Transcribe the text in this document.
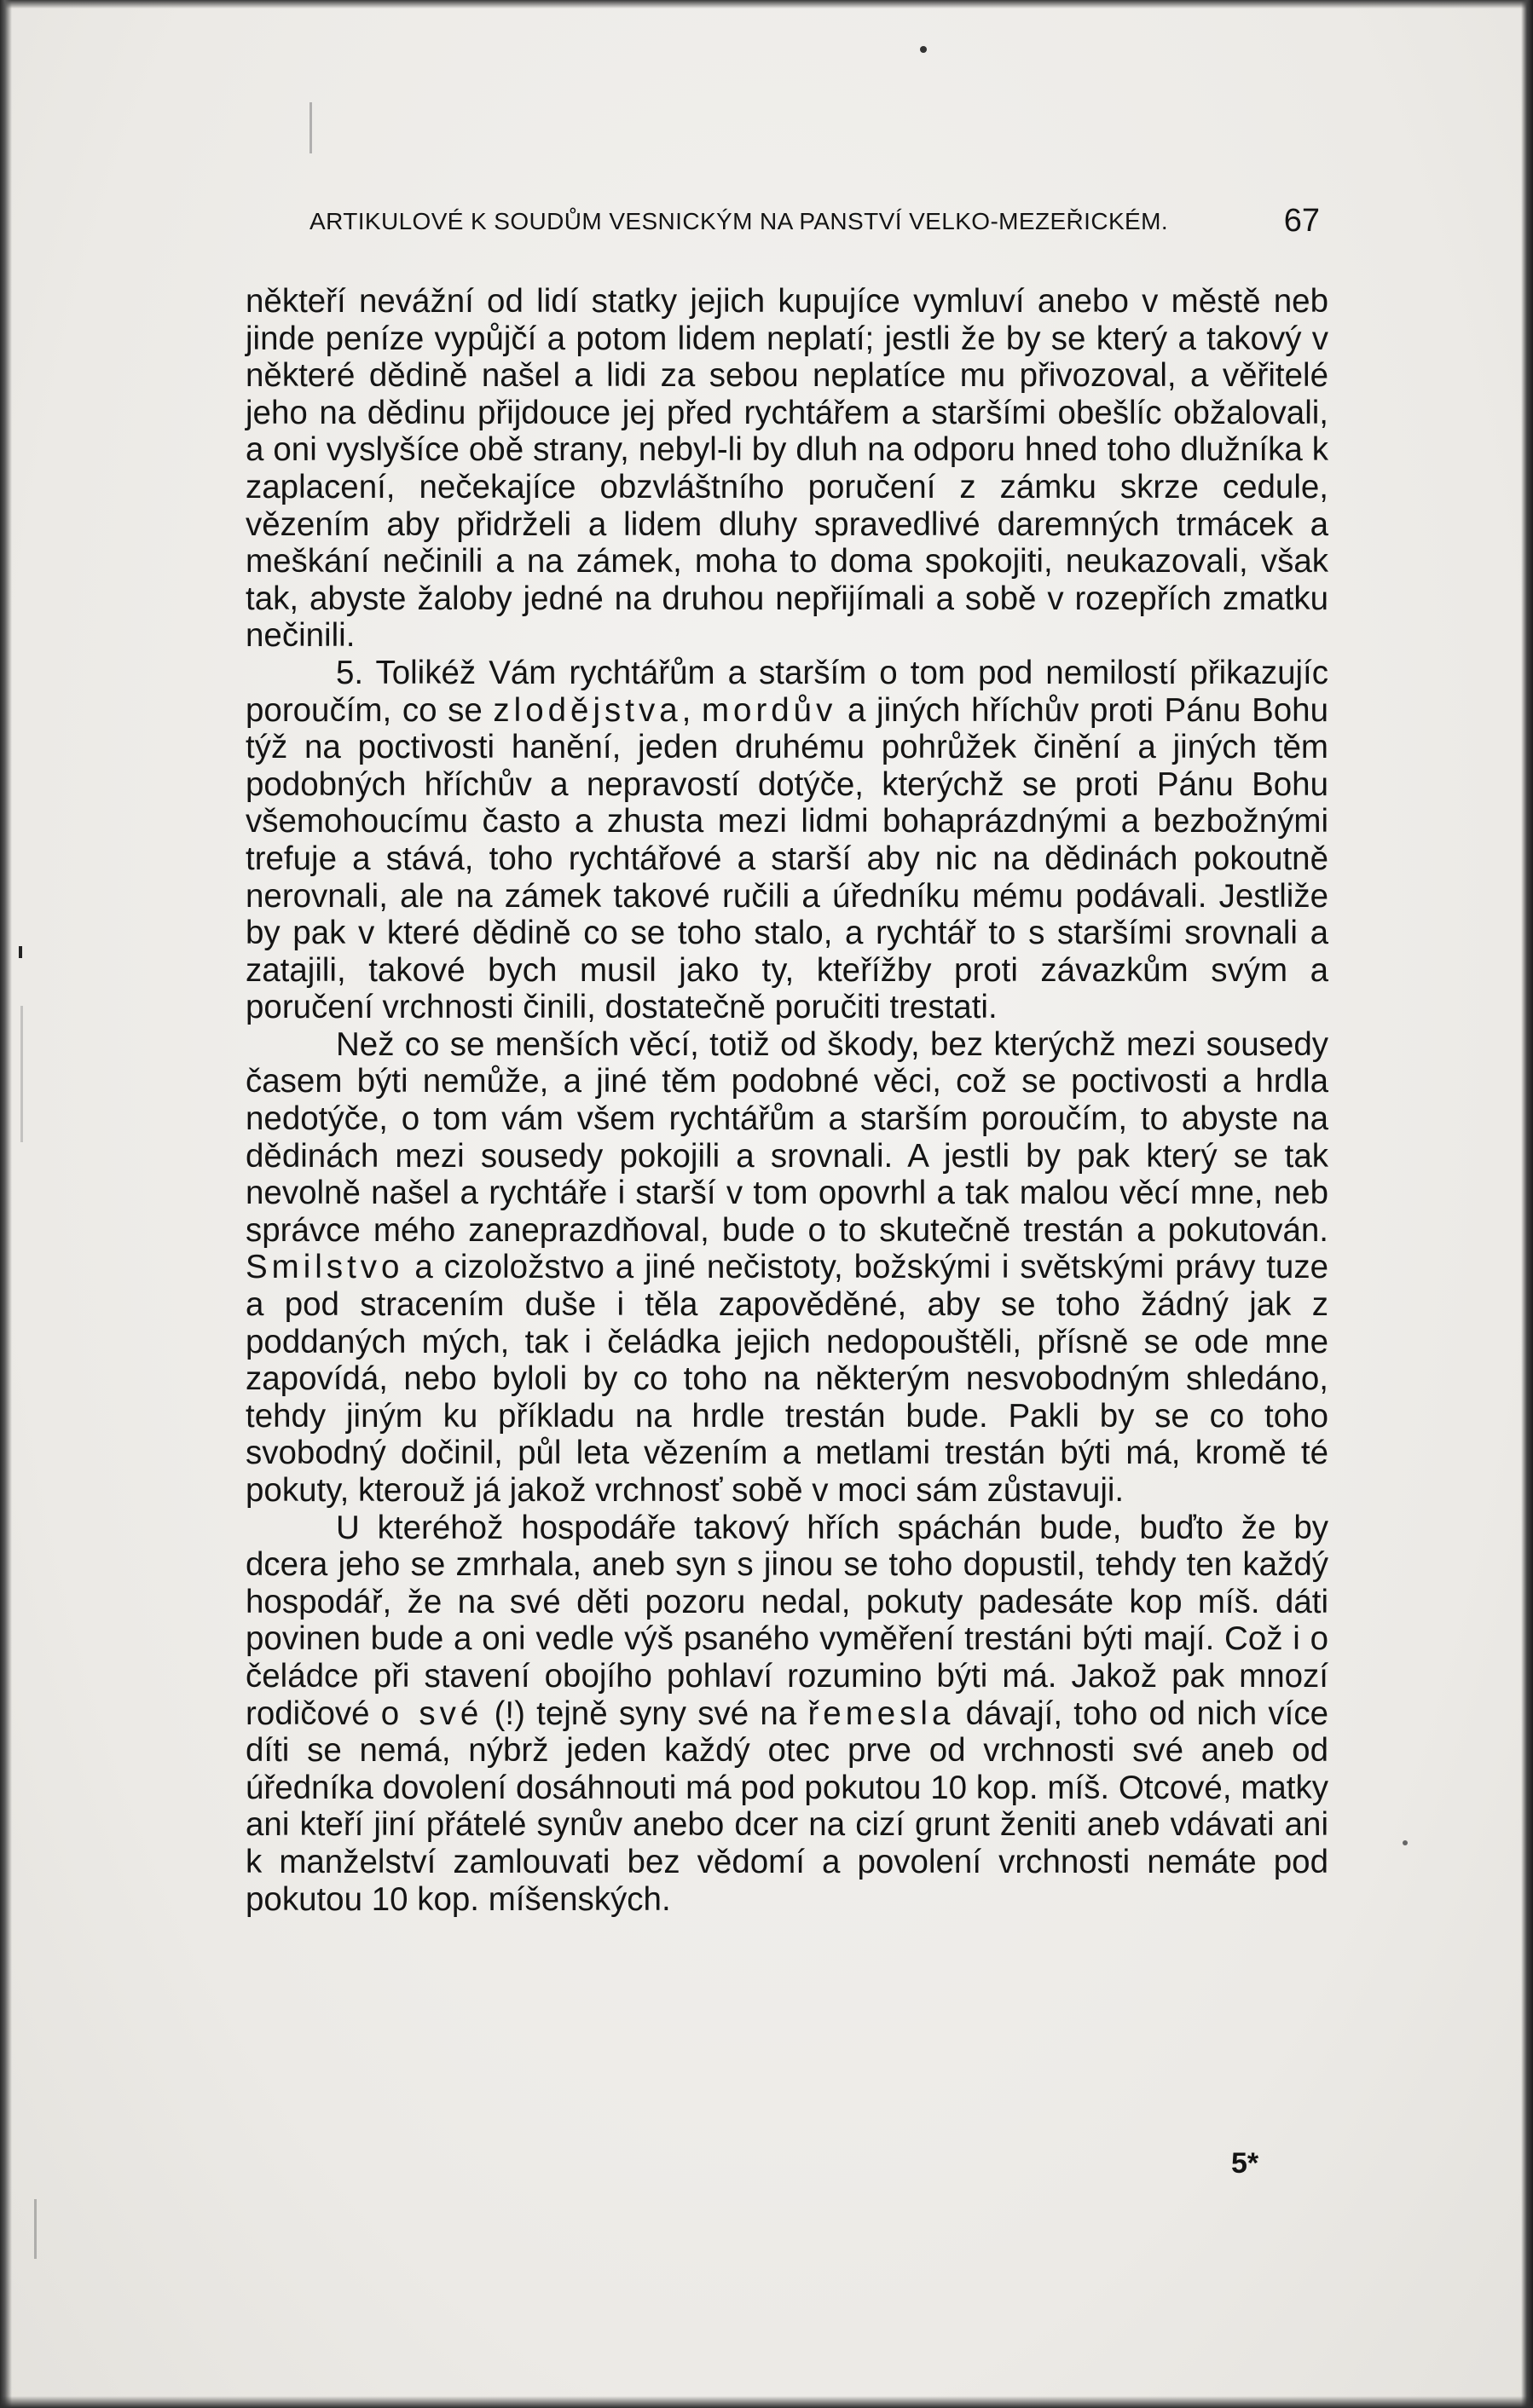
ARTIKULOVÉ K SOUDŮM VESNICKÝM NA PANSTVÍ VELKO-MEZEŘICKÉM.	67

někteří nevážní od lidí statky jejich kupujíce vymluví anebo v městě neb jinde peníze vypůjčí a potom lidem neplatí; jestli že by se který a takový v některé dědině našel a lidi za sebou neplatíce mu přivozoval, a věřitelé jeho na dědinu přijdouce jej před rychtářem a staršími obešlíc obžalovali, a oni vyslyšíce obě strany, nebyl-li by dluh na odporu hned toho dlužníka k zaplacení, nečekajíce obzvláštního poručení z zámku skrze cedule, vězením aby přidrželi a lidem dluhy spravedlivé daremných trmácek a meškání nečinili a na zámek, moha to doma spokojiti, neukazovali, však tak, abyste žaloby jedné na druhou nepřijímali a sobě v rozepřích zmatku nečinili.

5. Tolikéž Vám rychtářům a starším o tom pod nemilostí přikazujíc poroučím, co se zlodějstva, mordův a jiných hříchův proti Pánu Bohu týž na poctivosti hanění, jeden druhému pohrůžek činění a jiných těm podobných hříchův a nepravostí dotýče, kterýchž se proti Pánu Bohu všemohoucímu často a zhusta mezi lidmi bohaprázdnými a bezbožnými trefuje a stává, toho rychtářové a starší aby nic na dědinách pokoutně nerovnali, ale na zámek takové ručili a úředníku mému podávali. Jestliže by pak v které dědině co se toho stalo, a rychtář to s staršími srovnali a zatajili, takové bych musil jako ty, kteřížby proti závazkům svým a poručení vrchnosti činili, dostatečně poručiti trestati.

Než co se menších věcí, totiž od škody, bez kterýchž mezi sousedy časem býti nemůže, a jiné těm podobné věci, což se poctivosti a hrdla nedotýče, o tom vám všem rychtářům a starším poroučím, to abyste na dědinách mezi sousedy pokojili a srovnali. A jestli by pak který se tak nevolně našel a rychtáře i starší v tom opovrhl a tak malou věcí mne, neb správce mého zaneprazdňoval, bude o to skutečně trestán a pokutován. Smilstvo a cizoložstvo a jiné nečistoty, božskými i světskými právy tuze a pod stracením duše i těla zapověděné, aby se toho žádný jak z poddaných mých, tak i čeládka jejich nedopouštěli, přísně se ode mne zapovídá, nebo byloli by co toho na některým nesvobodným shledáno, tehdy jiným ku příkladu na hrdle trestán bude. Pakli by se co toho svobodný dočinil, půl leta vězením a metlami trestán býti má, kromě té pokuty, kterouž já jakož vrchnosť sobě v moci sám zůstavuji.

U kteréhož hospodáře takový hřích spáchán bude, buďto že by dcera jeho se zmrhala, aneb syn s jinou se toho dopustil, tehdy ten každý hospodář, že na své děti pozoru nedal, pokuty padesáte kop míš. dáti povinen bude a oni vedle výš psaného vyměření trestáni býti mají. Což i o čeládce při stavení obojího pohlaví rozumino býti má. Jakož pak mnozí rodičové o své (!) tejně syny své na řemesla dávají, toho od nich více díti se nemá, nýbrž jeden každý otec prve od vrchnosti své aneb od úředníka dovolení dosáhnouti má pod pokutou 10 kop. míš. Otcové, matky ani kteří jiní přátelé synův anebo dcer na cizí grunt ženiti aneb vdávati ani k manželství zamlouvati bez vědomí a povolení vrchnosti nemáte pod pokutou 10 kop. míšenských.

5*
